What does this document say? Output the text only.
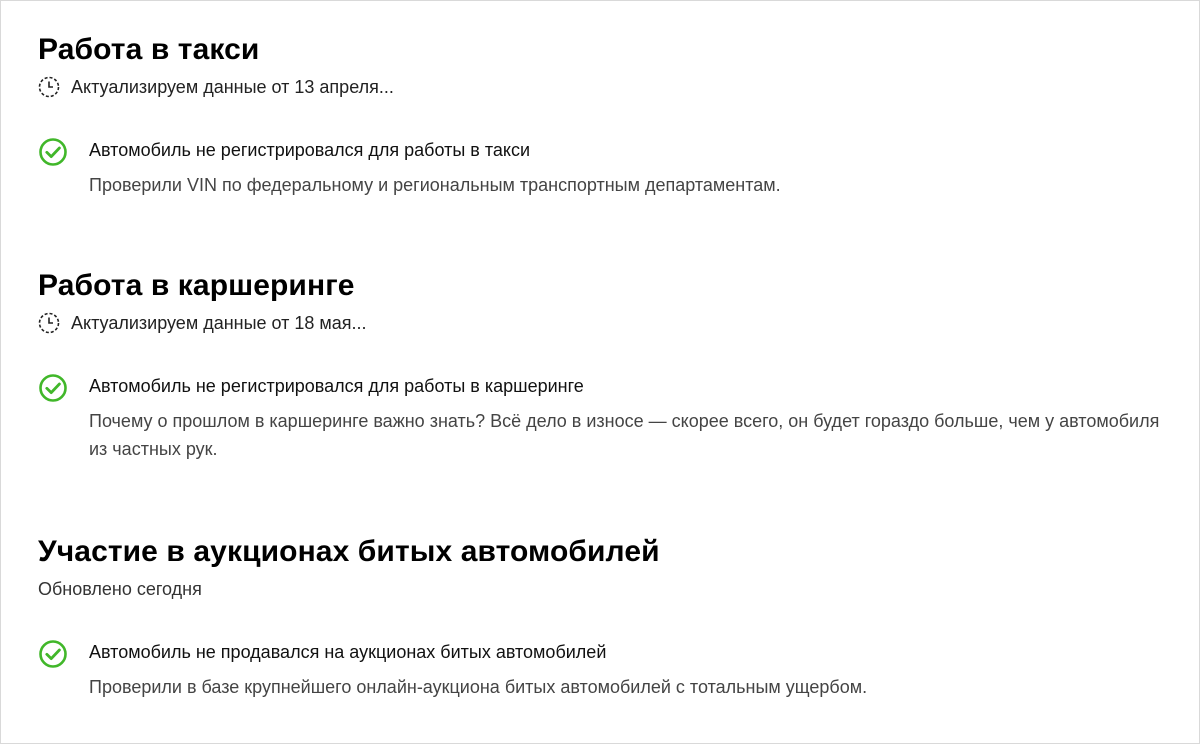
Работа в такси
Актуализируем данные от 13 апреля...
Автомобиль не регистрировался для работы в такси
Проверили VIN по федеральному и региональным транспортным департаментам.
Работа в каршеринге
Актуализируем данные от 18 мая...
Автомобиль не регистрировался для работы в каршеринге
Почему о прошлом в каршеринге важно знать? Всё дело в износе — скорее всего, он будет гораздо больше, чем у автомобиля из частных рук.
Участие в аукционах битых автомобилей
Обновлено сегодня
Автомобиль не продавался на аукционах битых автомобилей
Проверили в базе крупнейшего онлайн-аукциона битых автомобилей с тотальным ущербом.
